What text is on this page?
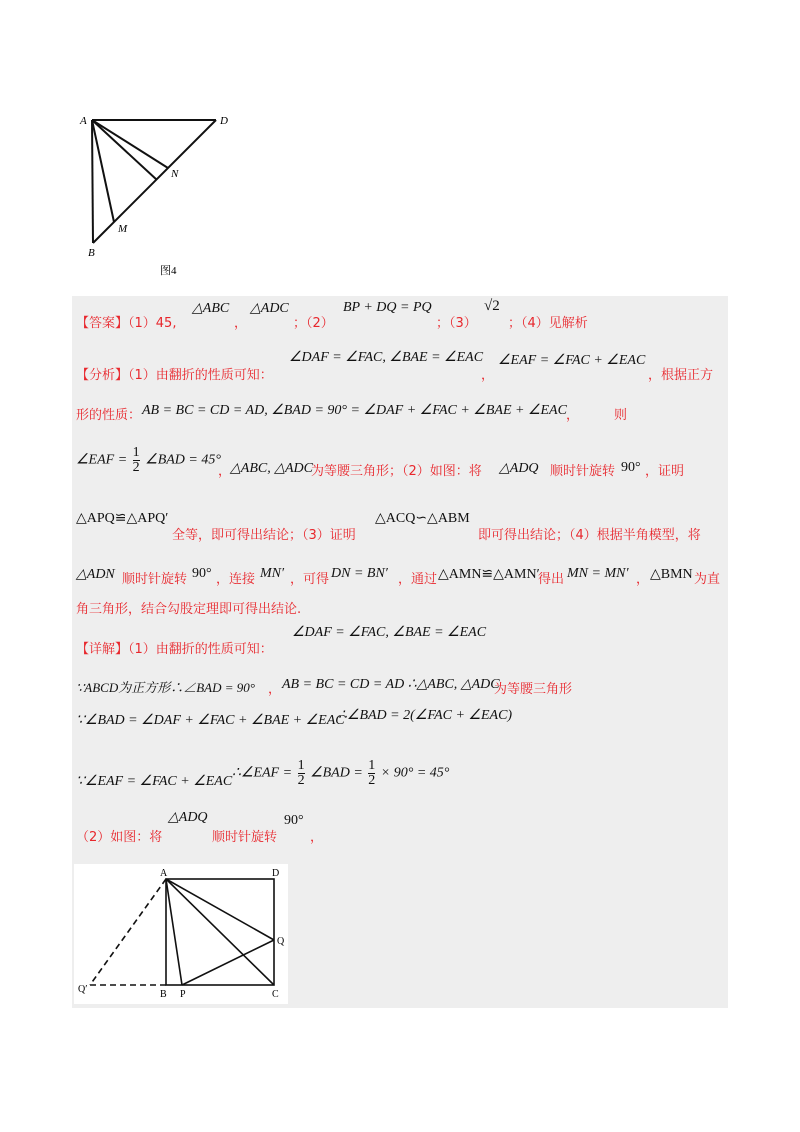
A	D
N
M
B
图4
【答案】（1）45,
△ABC
，
△ADC
；（2）
BP + DQ = PQ
；（3）
√2
；（4）见解析
【分析】（1）由翻折的性质可知：
∠DAF = ∠FAC, ∠BAE = ∠EAC
，
∠EAF = ∠FAC + ∠EAC
，根据正方
形的性质： AB = BC = CD = AD, ∠BAD = 90° = ∠DAF + ∠FAC + ∠BAE + ∠EAC ，	则
∠EAF = $\frac{1}{2}$ ∠BAD = 45°
，
△ABC, △ADC
为等腰三角形；（2）如图：将 △ADQ 顺时针旋转 90° ，证明
△APQ≌△APQ′
全等，即可得出结论；（3）证明
△ACQ∽△ABM
即可得出结论；（4）根据半角模型，将
△ADN 顺时针旋转 90° ，连接 MN′ ，可得 DN = BN′ ，通过 △AMN≌△AMN′
得出 MN = MN′ ， △BMN 为直
角三角形，结合勾股定理即可得出结论.
【详解】（1）由翻折的性质可知：
∠DAF = ∠FAC, ∠BAE = ∠EAC
∵ABCD为正方形∴∠BAD = 90° ， AB = BC = CD = AD ∴△ABC, △ADC
为等腰三角形
∵∠BAD = ∠DAF + ∠FAC + ∠BAE + ∠EAC
∴∠BAD = 2(∠FAC + ∠EAC)
∵∠EAF = ∠FAC + ∠EAC
∴∠EAF = $\frac{1}{2}$ ∠BAD = $\frac{1}{2} \times 90^\circ = 45^\circ$
（2）如图：将
△ADQ
顺时针旋转
90°
，
A	D
Q
Q′	B P	C
